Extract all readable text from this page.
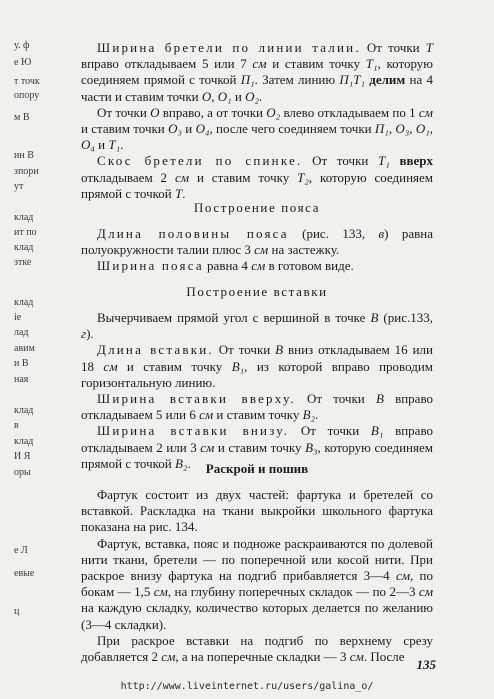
у. ф
е Ю
т точк
опору
м В
ин В
зпори
ут
клад
ит по
клад
зтке
клад
ie
лад
авим
и В
ная
клад
в
клад
И Я
оры
е Л
евые
ц

Ширина бретели по линии талии. От точки Т вправо откладываем 5 или 7 см и ставим точку Т₁, которую соединяем прямой с точкой П₁. Затем линию П₁Т₁ делим на 4 части и ставим точки О, О₁ и О₂.

От точки О вправо, а от точки О₂ влево откладываем по 1 см и ставим точки О₃ и О₄, после чего соединяем точки П₁, О₃, О₁, О₄ и Т₁.

Скос бретели по спинке. От точки Т₁ вверх откладываем 2 см и ставим точку Т₂, которую соединяем прямой с точкой Т.

Построение пояса

Длина половины пояса (рис. 133, в) равна полуокружности талии плюс 3 см на застежку.

Ширина пояса равна 4 см в готовом виде.

Построение вставки

Вычерчиваем прямой угол с вершиной в точке В (рис.133, г).

Длина вставки. От точки В вниз откладываем 16 или 18 см и ставим точку В₁, из которой вправо проводим горизонтальную линию.

Ширина вставки вверху. От точки В вправо откладываем 5 или 6 см и ставим точку В₂.

Ширина вставки внизу. От точки В₁ вправо откладываем 2 или 3 см и ставим точку В₃, которую соединяем прямой с точкой В₂.	Раскрой и пошив

Фартук состоит из двух частей: фартука и бретелей со вставкой. Раскладка на ткани выкройки школьного фартука показана на рис. 134.

Фартук, вставка, пояс и подноже раскраиваются по долевой нити ткани, бретели — по поперечной или косой нити. При раскрое внизу фартука на подгиб прибавляется 3—4 см, по бокам — 1,5 см, на глубину поперечных складок — по 2—3 см на каждую складку, количество которых делается по желанию (3—4 складки).

При раскрое вставки на подгиб по верхнему срезу добавляется 2 см, а на поперечные складки — 3 см. После

135
http://www.liveinternet.ru/users/galina_o/
